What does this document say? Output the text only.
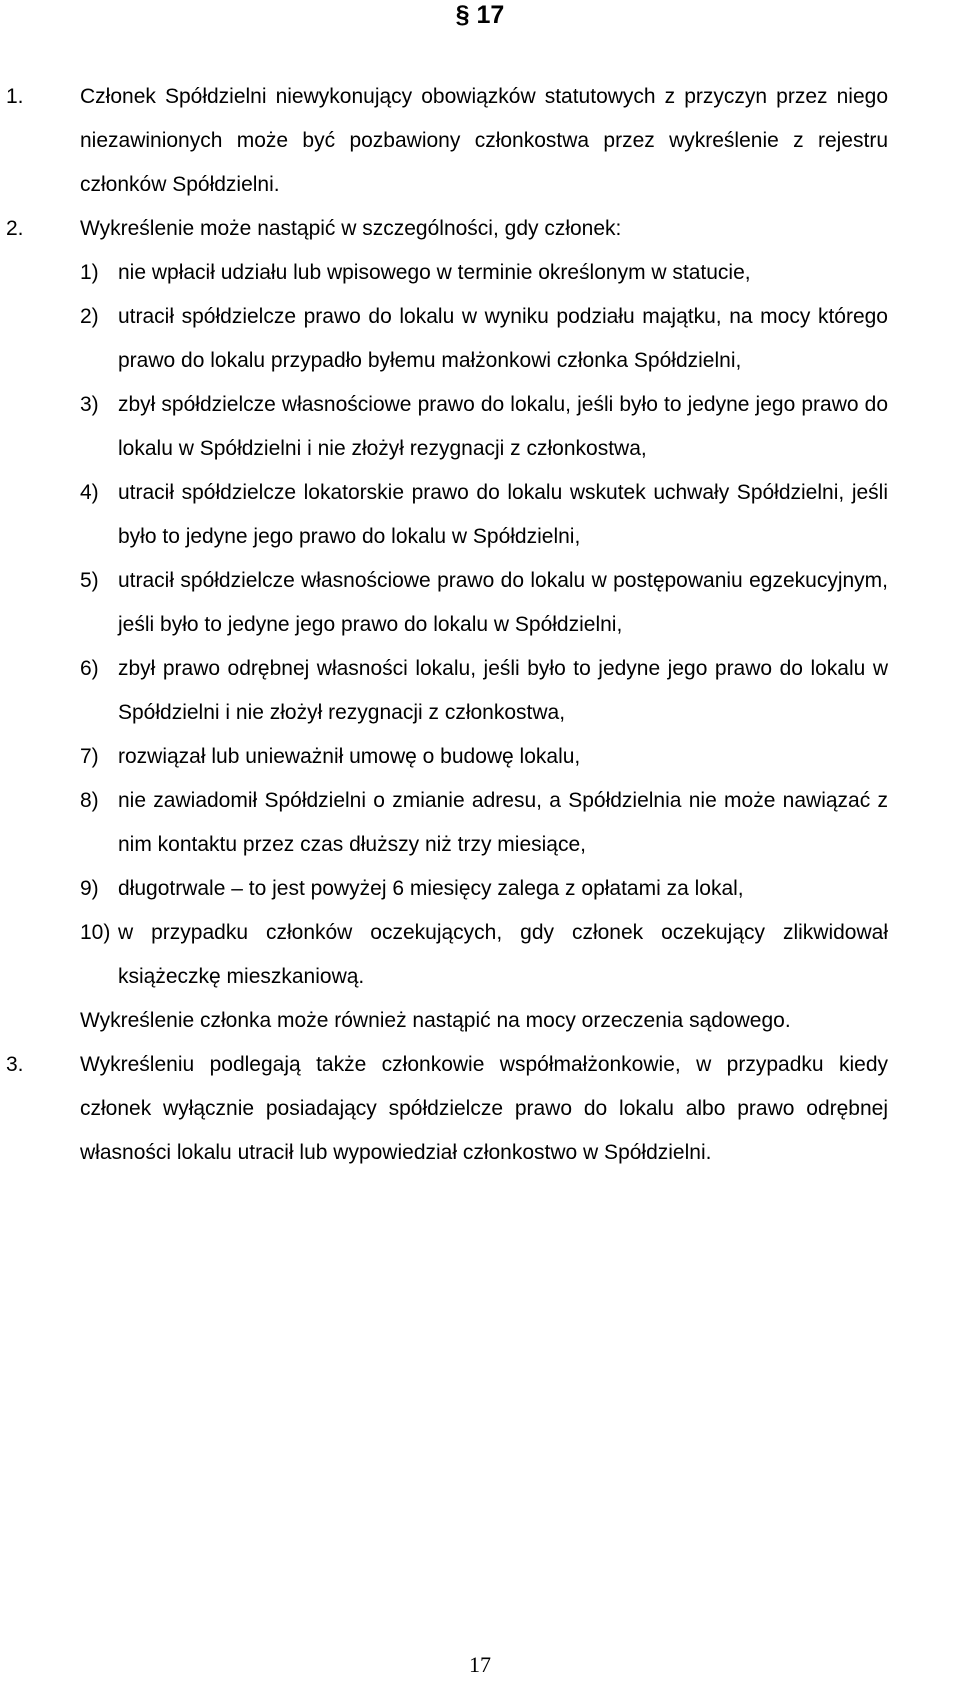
§ 17
1.	Członek Spółdzielni niewykonujący obowiązków statutowych z przyczyn przez niego niezawinionych może być pozbawiony członkostwa przez wykreślenie z rejestru członków Spółdzielni.
2.	Wykreślenie może nastąpić w szczególności, gdy członek:
1) nie wpłacił udziału lub wpisowego w terminie określonym w statucie,
2) utracił spółdzielcze prawo do lokalu w wyniku podziału majątku, na mocy którego prawo do lokalu przypadło byłemu małżonkowi członka Spółdzielni,
3) zbył spółdzielcze własnościowe prawo do lokalu, jeśli było to jedyne jego prawo do lokalu w Spółdzielni i nie złożył rezygnacji z członkostwa,
4) utracił spółdzielcze lokatorskie prawo do lokalu wskutek uchwały Spółdzielni, jeśli było to jedyne jego prawo do lokalu w Spółdzielni,
5) utracił spółdzielcze własnościowe prawo do lokalu w postępowaniu egzekucyjnym, jeśli było to jedyne jego prawo do lokalu w Spółdzielni,
6) zbył prawo odrębnej własności lokalu, jeśli było to jedyne jego prawo do lokalu w Spółdzielni i nie złożył rezygnacji z członkostwa,
7) rozwiązał lub unieważnił umowę o budowę lokalu,
8) nie zawiadomił Spółdzielni o zmianie adresu, a Spółdzielnia nie może nawiązać z nim kontaktu przez czas dłuższy niż trzy miesiące,
9) długotrwale – to jest powyżej 6 miesięcy zalega z opłatami za lokal,
10) w przypadku członków oczekujących, gdy członek oczekujący zlikwidował książeczkę mieszkaniową.
Wykreślenie członka może również nastąpić na mocy orzeczenia sądowego.
3.	Wykreśleniu podlegają także członkowie współmałżonkowie, w przypadku kiedy członek wyłącznie posiadający spółdzielcze prawo do lokalu albo prawo odrębnej własności lokalu utracił lub wypowiedział członkostwo w Spółdzielni.
17
